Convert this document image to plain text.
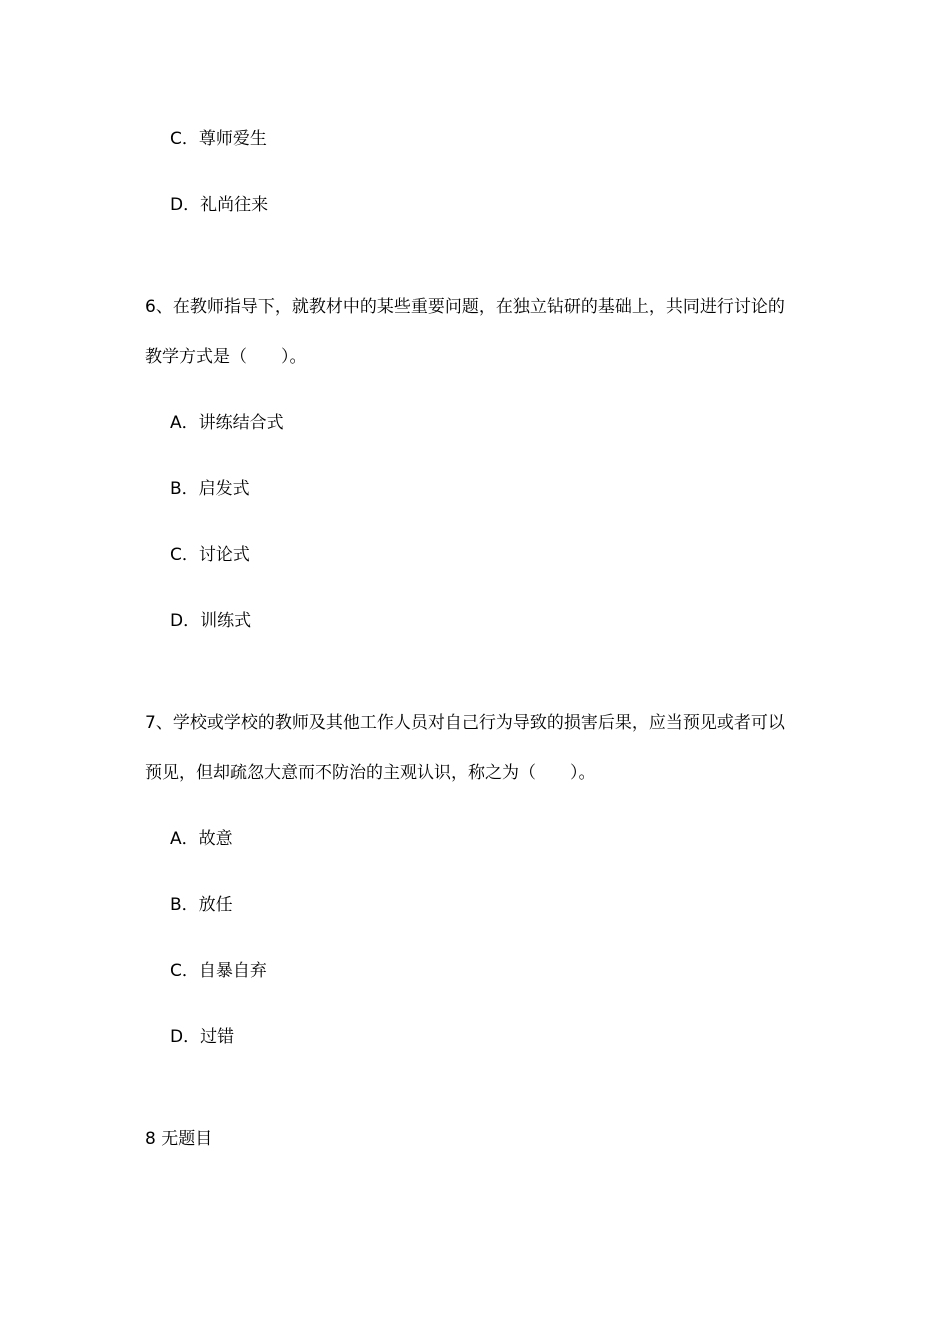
C．尊师爱生
D．礼尚往来
6、在教师指导下，就教材中的某些重要问题，在独立钻研的基础上，共同进行讨论的
教学方式是（　　）。
A．讲练结合式
B．启发式
C．讨论式
D．训练式
7、学校或学校的教师及其他工作人员对自己行为导致的损害后果，应当预见或者可以
预见，但却疏忽大意而不防治的主观认识，称之为（　　）。
A．故意
B．放任
C．自暴自弃
D．过错
8 无题目
